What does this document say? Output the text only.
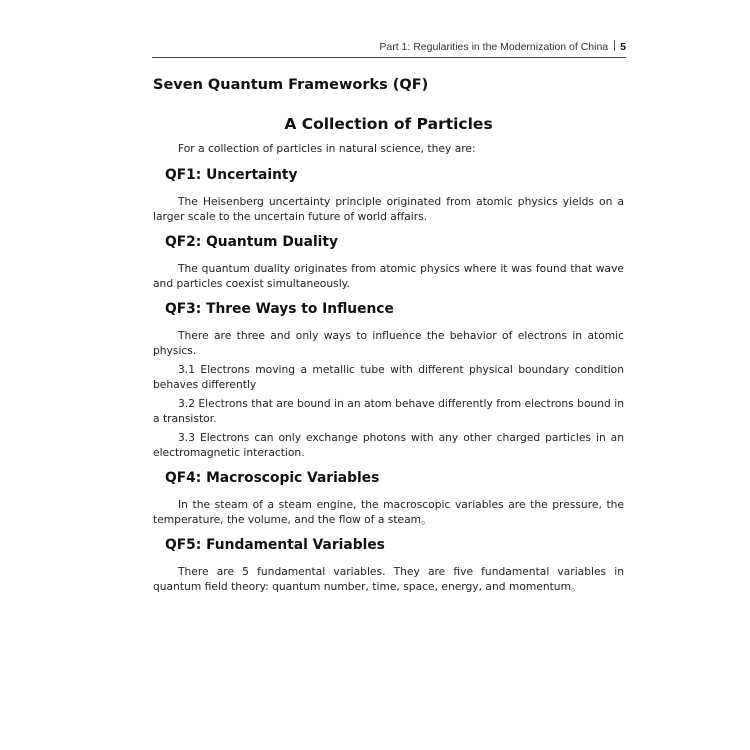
Part 1: Regularities in the Modernization of China 5
Seven Quantum Frameworks (QF)
A Collection of Particles

For a collection of particles in natural science, they are:

QF1: Uncertainty

The Heisenberg uncertainty principle originated from atomic physics yields on a larger scale to the uncertain future of world affairs.

QF2: Quantum Duality

The quantum duality originates from atomic physics where it was found that wave and particles coexist simultaneously.

QF3: Three Ways to Influence

There are three and only ways to influence the behavior of electrons in atomic physics.

3.1 Electrons moving a metallic tube with different physical boundary condition behaves differently

3.2 Electrons that are bound in an atom behave differently from electrons bound in a transistor.

3.3 Electrons can only exchange photons with any other charged particles in an electromagnetic interaction.

QF4: Macroscopic Variables

In the steam of a steam engine, the macroscopic variables are the pressure, the temperature, the volume, and the flow of a steam。

QF5: Fundamental Variables

There are 5 fundamental variables. They are five fundamental variables in quantum field theory: quantum number, time, space, energy, and momentum。
